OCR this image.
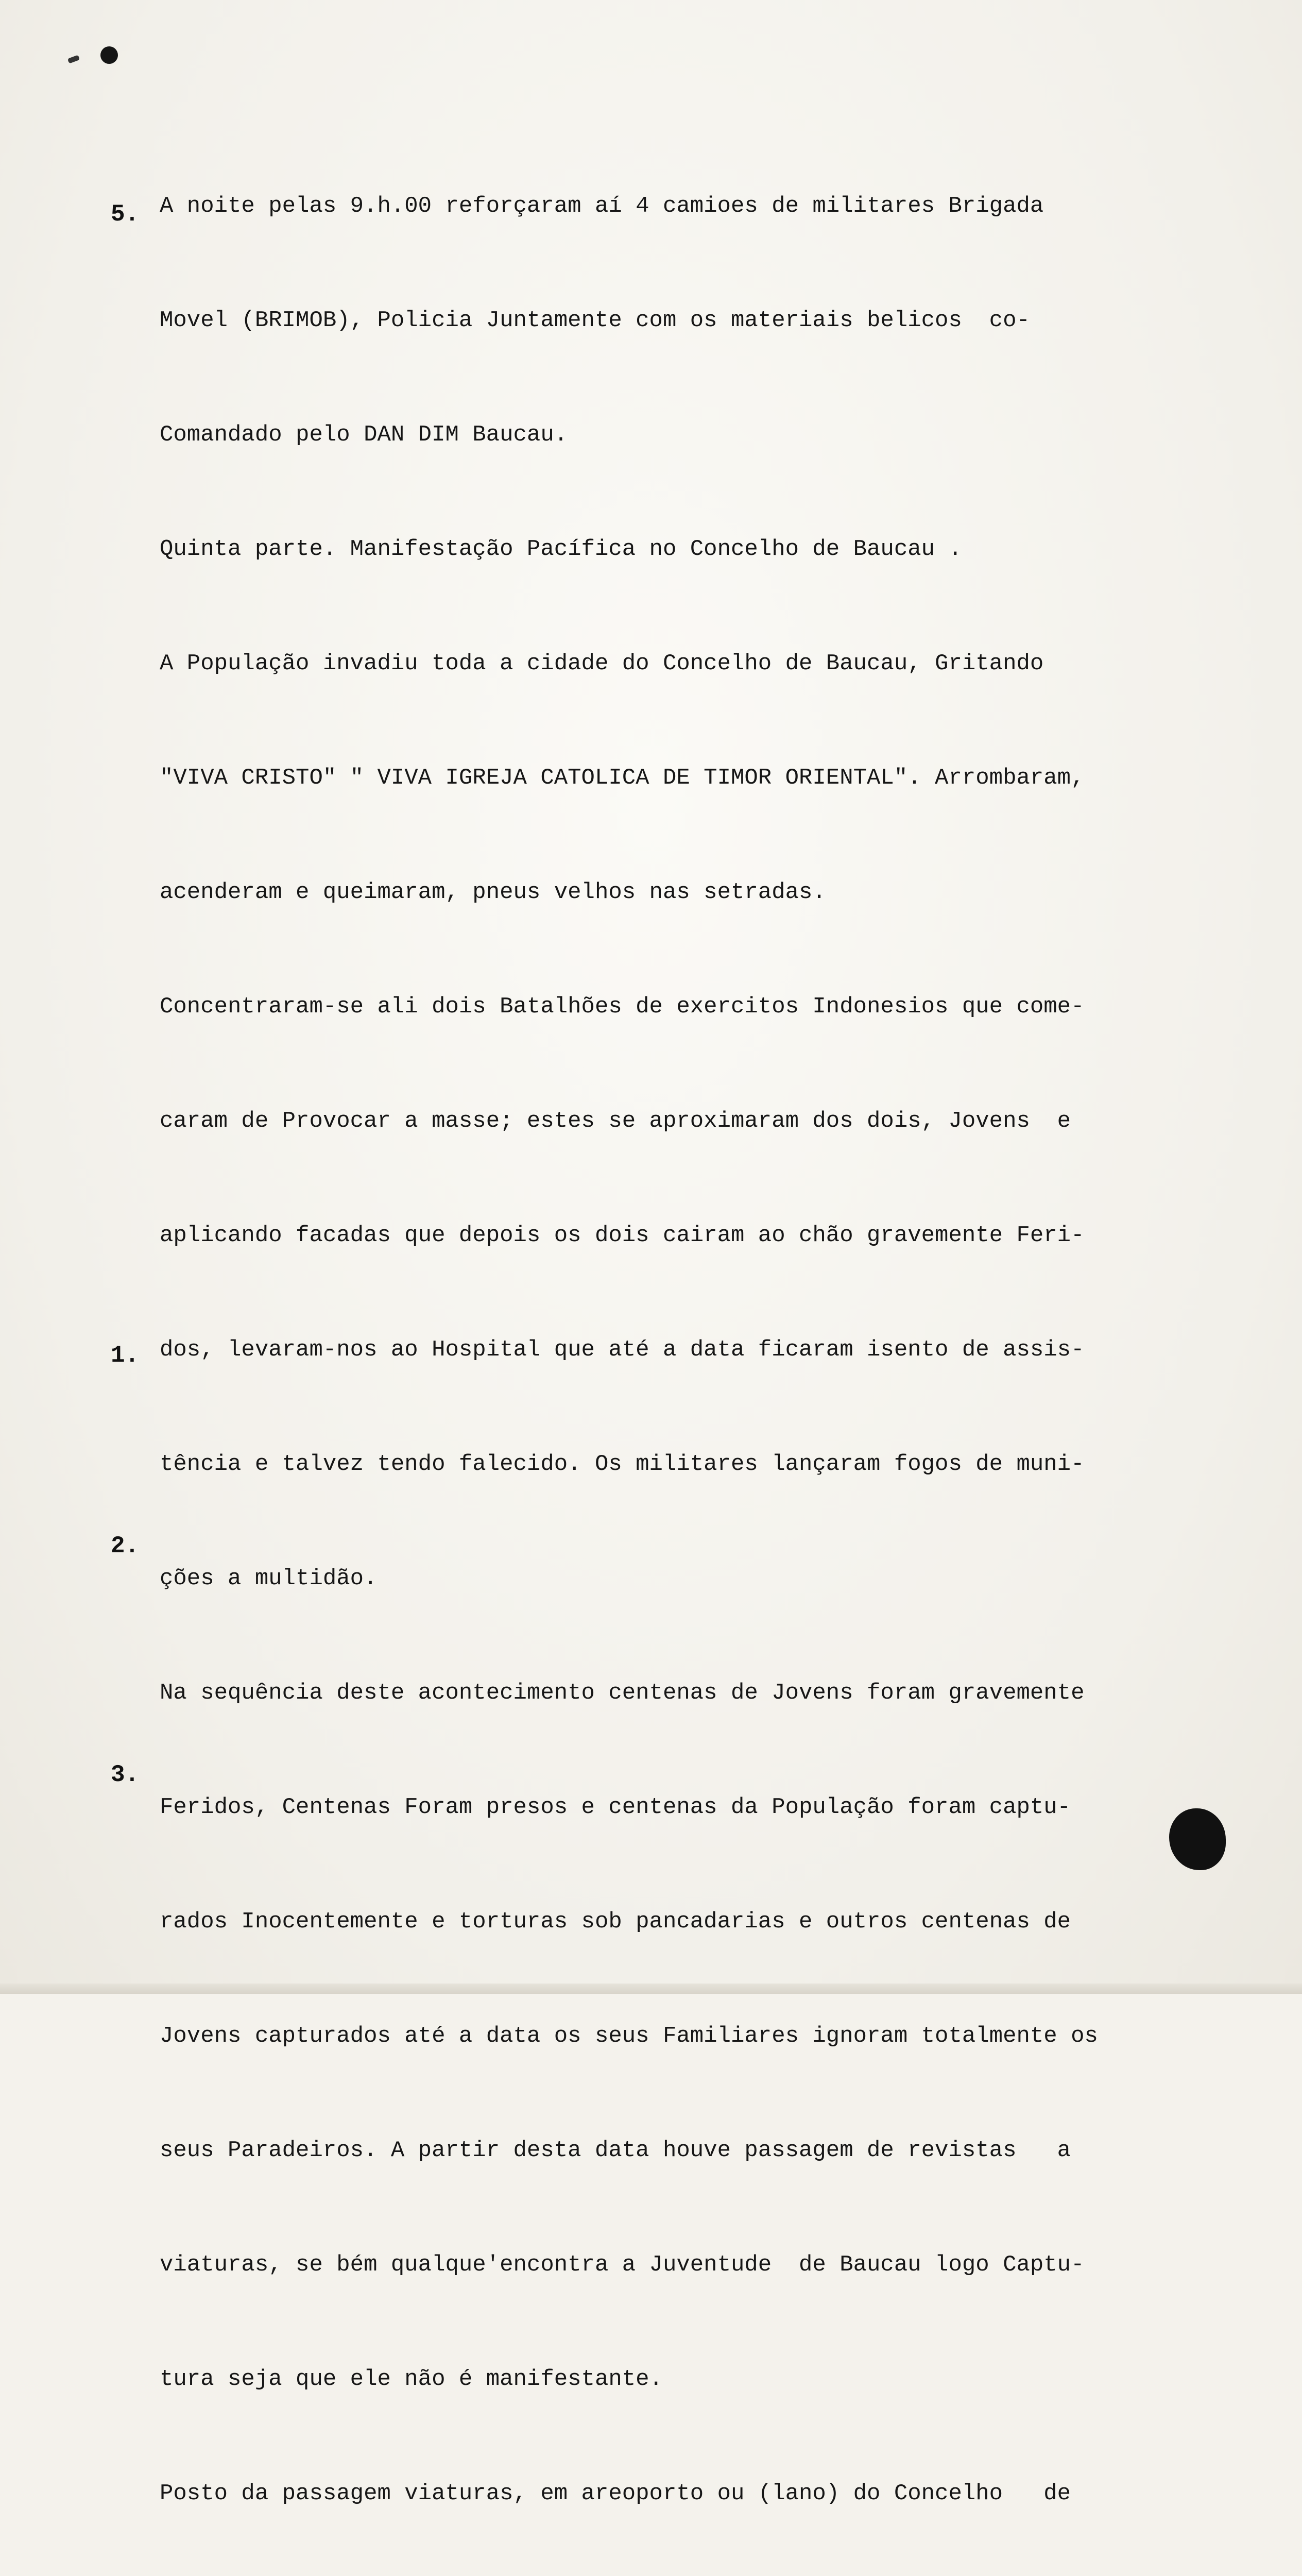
A noite pelas 9.h.00 reforçaram aí 4 camioes de militares Brigada

Movel (BRIMOB), Policia Juntamente com os materiais belicos  co-

Comandado pelo DAN DIM Baucau.

Quinta parte. Manifestação Pacífica no Concelho de Baucau .

A População invadiu toda a cidade do Concelho de Baucau, Gritando

"VIVA CRISTO" " VIVA IGREJA CATOLICA DE TIMOR ORIENTAL". Arrombaram,

acenderam e queimaram, pneus velhos nas setradas.

Concentraram-se ali dois Batalhões de exercitos Indonesios que come-

caram de Provocar a masse; estes se aproximaram dos dois, Jovens  e

aplicando facadas que depois os dois cairam ao chão gravemente Feri-

dos, levaram-nos ao Hospital que até a data ficaram isento de assis-

tência e talvez tendo falecido. Os militares lançaram fogos de muni-

ções a multidão.

Na sequência deste acontecimento centenas de Jovens foram gravemente

Feridos, Centenas Foram presos e centenas da População foram captu-

rados Inocentemente e torturas sob pancadarias e outros centenas de

Jovens capturados até a data os seus Familiares ignoram totalmente os

seus Paradeiros. A partir desta data houve passagem de revistas   a

viaturas, se bém qualque'encontra a Juventude  de Baucau logo Captu-

tura seja que ele não é manifestante.

Posto da passagem viaturas, em areoporto ou (lano) do Concelho   de

5.
1.
2.
3.
